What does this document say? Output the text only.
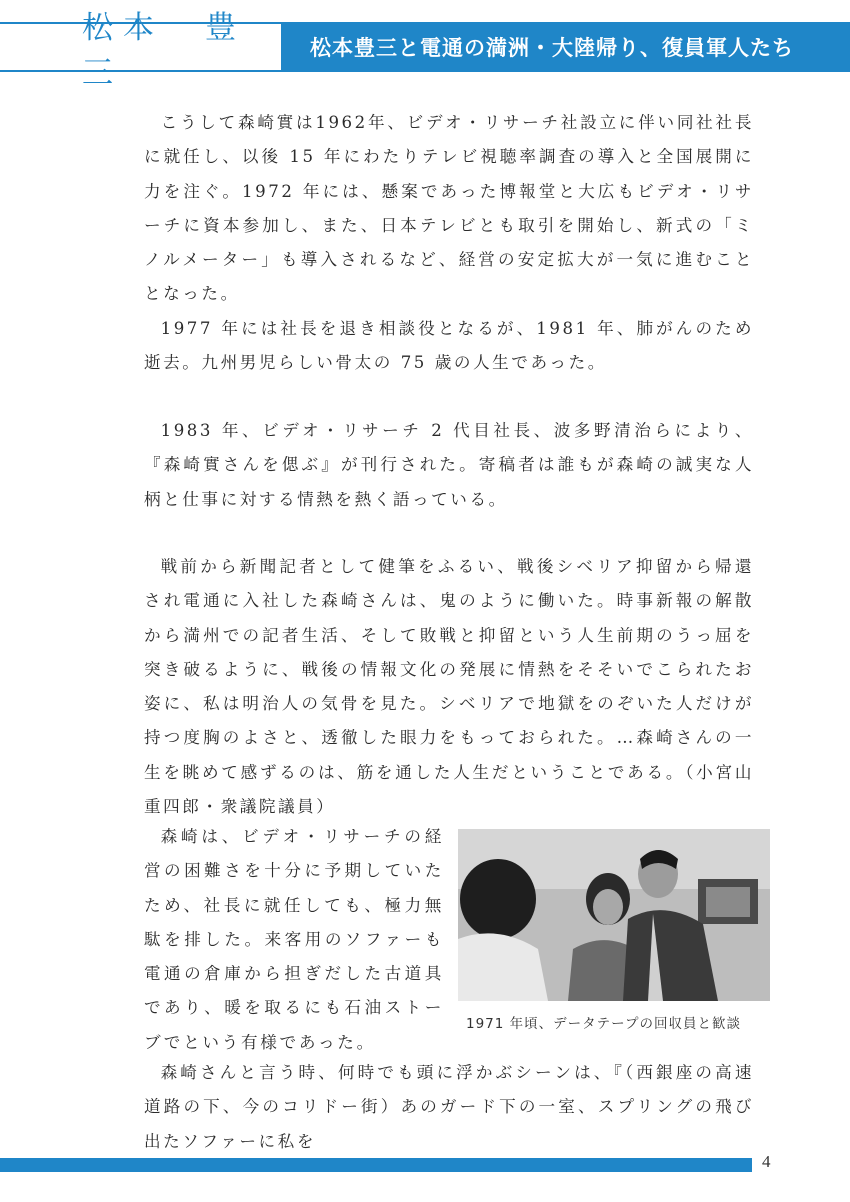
松本　豊三
松本豊三と電通の満洲・大陸帰り、復員軍人たち

こうして森崎實は1962年、ビデオ・リサーチ社設立に伴い同社社長に就任し、以後 15 年にわたりテレビ視聴率調査の導入と全国展開に力を注ぐ。1972 年には、懸案であった博報堂と大広もビデオ・リサーチに資本参加し、また、日本テレビとも取引を開始し、新式の「ミノルメーター」も導入されるなど、経営の安定拡大が一気に進むこととなった。

1977 年には社長を退き相談役となるが、1981 年、肺がんのため逝去。九州男児らしい骨太の 75 歳の人生であった。

1983 年、ビデオ・リサーチ 2 代目社長、波多野清治らにより、『森崎實さんを偲ぶ』が刊行された。寄稿者は誰もが森崎の誠実な人柄と仕事に対する情熱を熱く語っている。

戦前から新聞記者として健筆をふるい、戦後シベリア抑留から帰還され電通に入社した森崎さんは、鬼のように働いた。時事新報の解散から満州での記者生活、そして敗戦と抑留という人生前期のうっ屈を突き破るように、戦後の情報文化の発展に情熱をそそいでこられたお姿に、私は明治人の気骨を見た。シベリアで地獄をのぞいた人だけが持つ度胸のよさと、透徹した眼力をもっておられた。…森崎さんの一生を眺めて感ずるのは、筋を通した人生だということである。（小宮山重四郎・衆議院議員）

森崎は、ビデオ・リサーチの経営の困難さを十分に予期していたため、社長に就任しても、極力無駄を排した。来客用のソファーも電通の倉庫から担ぎだした古道具であり、暖を取るにも石油ストーブでという有様であった。

1971 年頃、データテープの回収員と歓談

森崎さんと言う時、何時でも頭に浮かぶシーンは、『（西銀座の高速道路の下、今のコリドー街）あのガード下の一室、スプリングの飛び出たソファーに私を

4
